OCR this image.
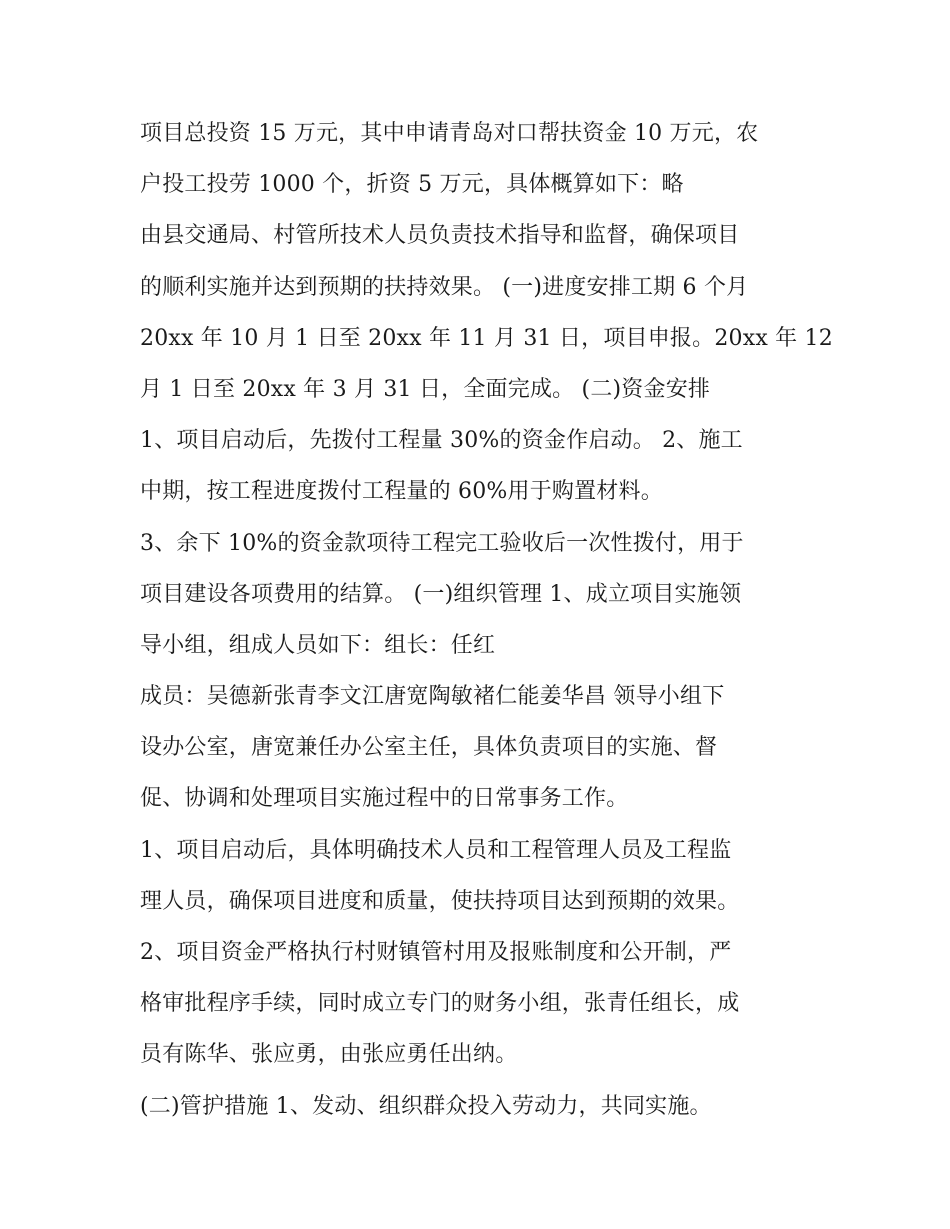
项目总投资 15 万元，其中申请青岛对口帮扶资金 10 万元，农
户投工投劳 1000 个，折资 5 万元，具体概算如下：略
由县交通局、村管所技术人员负责技术指导和监督，确保项目
的顺利实施并达到预期的扶持效果。 (一)进度安排工期 6 个月
20xx 年 10 月 1 日至 20xx 年 11 月 31 日，项目申报。20xx 年 12
月 1 日至 20xx 年 3 月 31 日，全面完成。 (二)资金安排
1、项目启动后，先拨付工程量 30%的资金作启动。 2、施工
中期，按工程进度拨付工程量的 60%用于购置材料。
3、余下 10%的资金款项待工程完工验收后一次性拨付，用于
项目建设各项费用的结算。 (一)组织管理 1、成立项目实施领
导小组，组成人员如下：组长：任红
成员：吴德新张青李文江唐宽陶敏褚仁能姜华昌 领导小组下
设办公室，唐宽兼任办公室主任，具体负责项目的实施、督
促、协调和处理项目实施过程中的日常事务工作。
1、项目启动后，具体明确技术人员和工程管理人员及工程监
理人员，确保项目进度和质量，使扶持项目达到预期的效果。
2、项目资金严格执行村财镇管村用及报账制度和公开制，严
格审批程序手续，同时成立专门的财务小组，张青任组长，成
员有陈华、张应勇，由张应勇任出纳。
(二)管护措施 1、发动、组织群众投入劳动力，共同实施。
